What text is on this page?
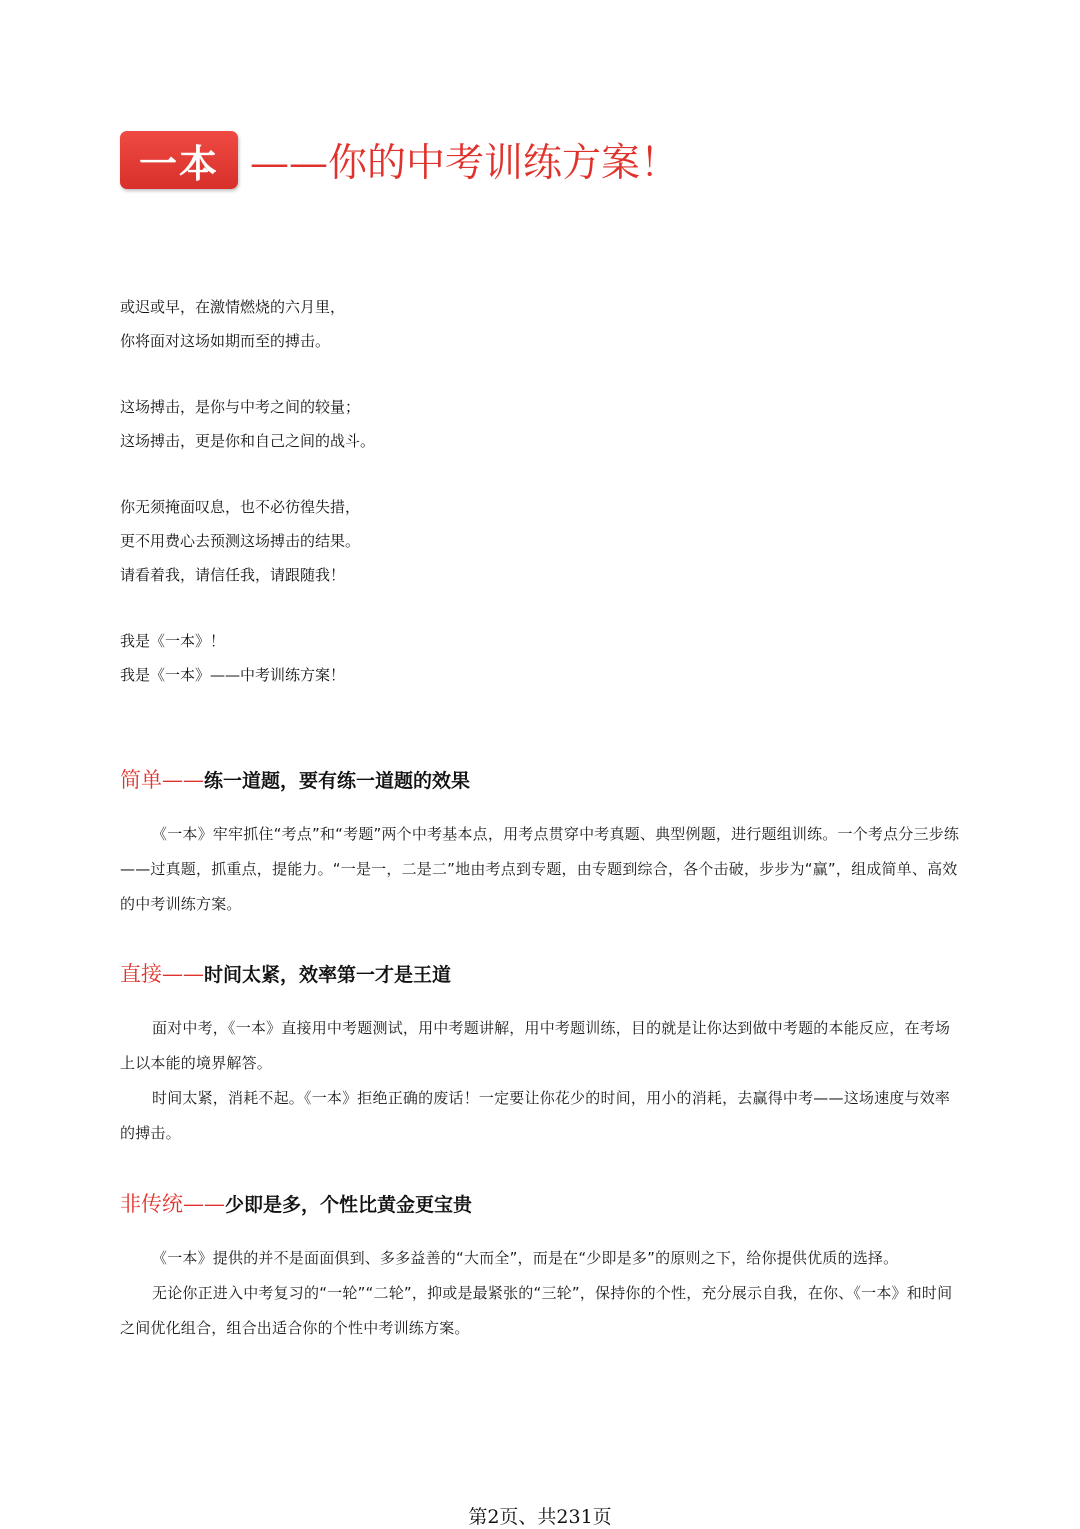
一本 ——你的中考训练方案！
或迟或早，在激情燃烧的六月里，
你将面对这场如期而至的搏击。
这场搏击，是你与中考之间的较量；
这场搏击，更是你和自己之间的战斗。
你无须掩面叹息，也不必彷徨失措，
更不用费心去预测这场搏击的结果。
请看着我，请信任我，请跟随我！
我是《一本》！
我是《一本》——中考训练方案！
简单——练一道题，要有练一道题的效果

《一本》牢牢抓住“考点”和“考题”两个中考基本点，用考点贯穿中考真题、典型例题，进行题组训练。一个考点分三步练——过真题，抓重点，提能力。“一是一，二是二”地由考点到专题，由专题到综合，各个击破，步步为“赢”，组成简单、高效的中考训练方案。

直接——时间太紧，效率第一才是王道

面对中考，《一本》直接用中考题测试，用中考题讲解，用中考题训练，目的就是让你达到做中考题的本能反应，在考场上以本能的境界解答。

时间太紧，消耗不起。《一本》拒绝正确的废话！一定要让你花少的时间，用小的消耗，去赢得中考——这场速度与效率的搏击。

非传统——少即是多，个性比黄金更宝贵

《一本》提供的并不是面面俱到、多多益善的“大而全”，而是在“少即是多”的原则之下，给你提供优质的选择。

无论你正进入中考复习的“一轮”“二轮”，抑或是最紧张的“三轮”，保持你的个性，充分展示自我，在你、《一本》和时间之间优化组合，组合出适合你的个性中考训练方案。

第2页、共231页
